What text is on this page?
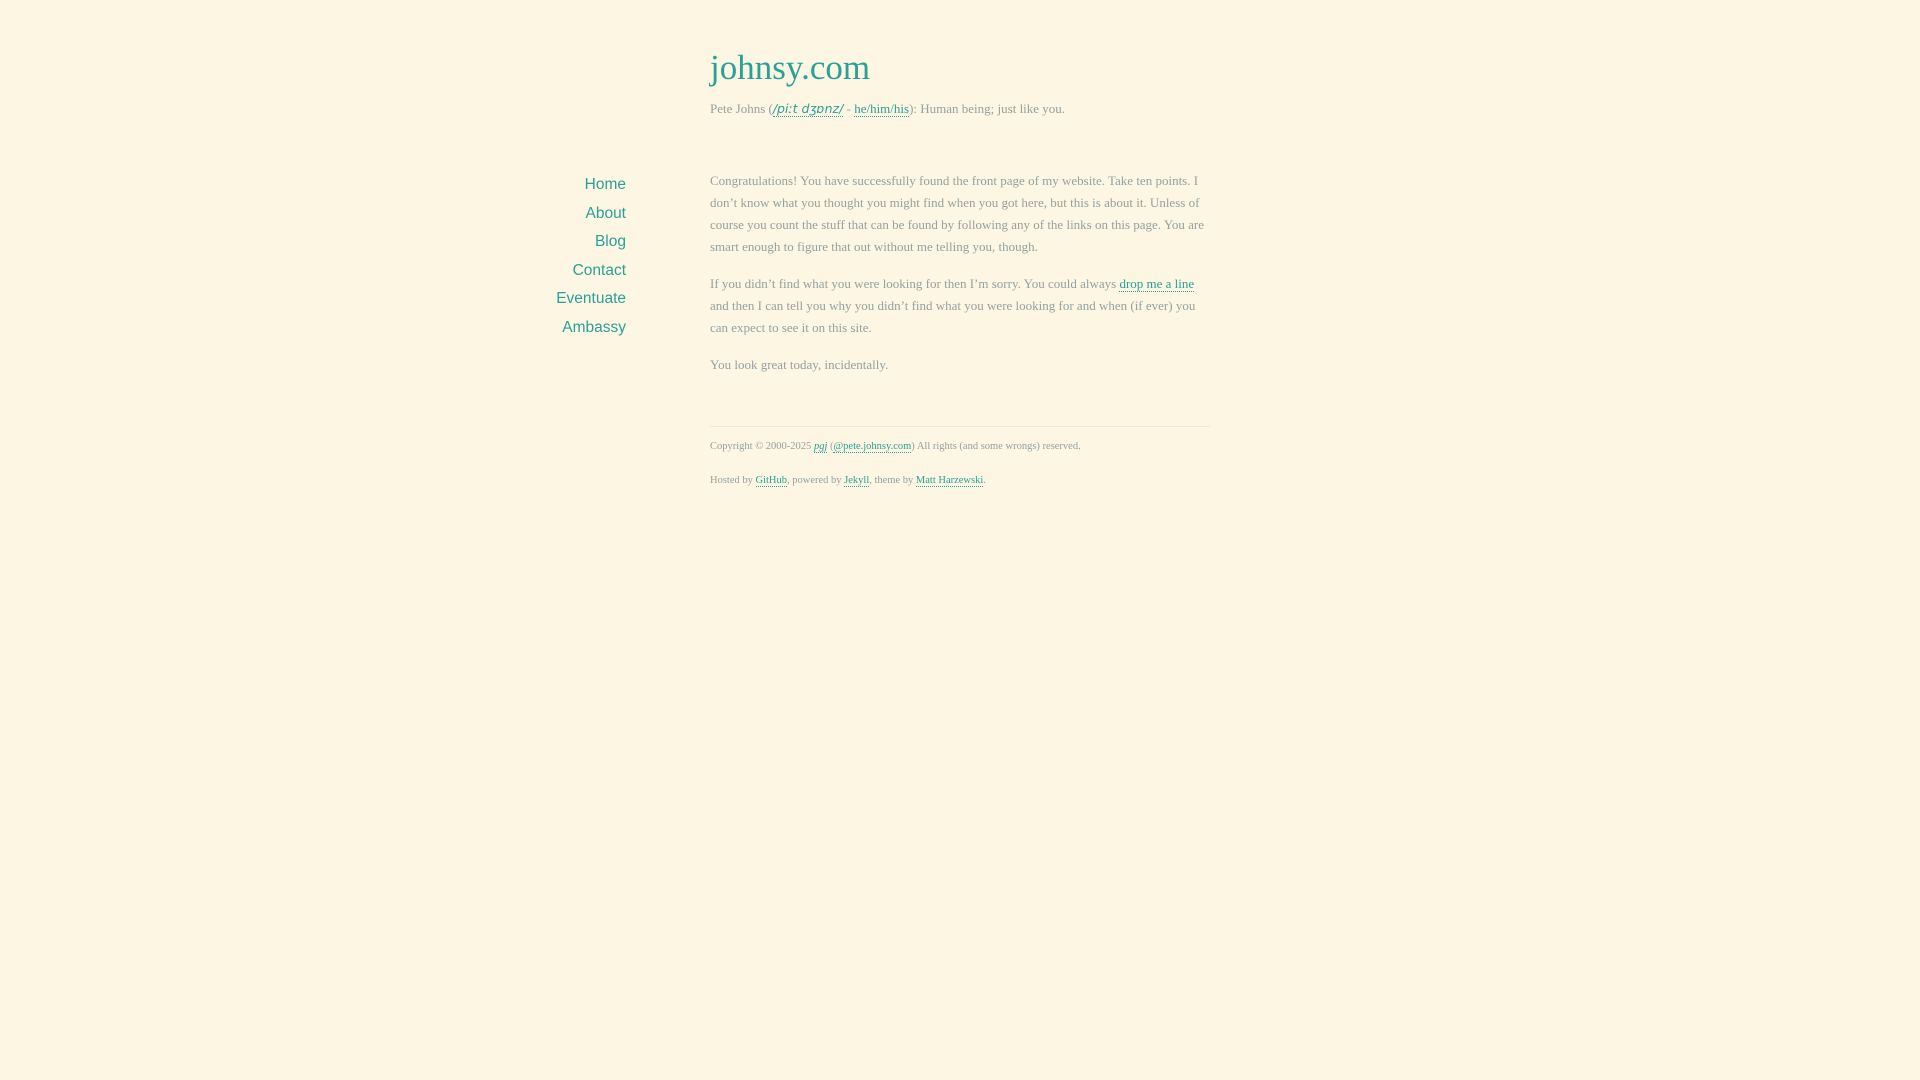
johnsy.com
Pete Johns (/piːt dʒɒnz/ - he/him/his): Human being; just like you.
Home
About
Blog
Contact
Eventuate
Ambassy

Congratulations! You have successfully found the front page of my website. Take ten points. I don’t know what you thought you might find when you got here, but this is about it. Unless of course you count the stuff that can be found by following any of the links on this page. You are smart enough to figure that out without me telling you, though.

If you didn’t find what you were looking for then I’m sorry. You could always drop me a line and then I can tell you why you didn’t find what you were looking for and when (if ever) you can expect to see it on this site.

You look great today, incidentally.

Copyright © 2000-2025 pgj (@pete.johnsy.com) All rights (and some wrongs) reserved.
Hosted by GitHub, powered by Jekyll, theme by Matt Harzewski.
